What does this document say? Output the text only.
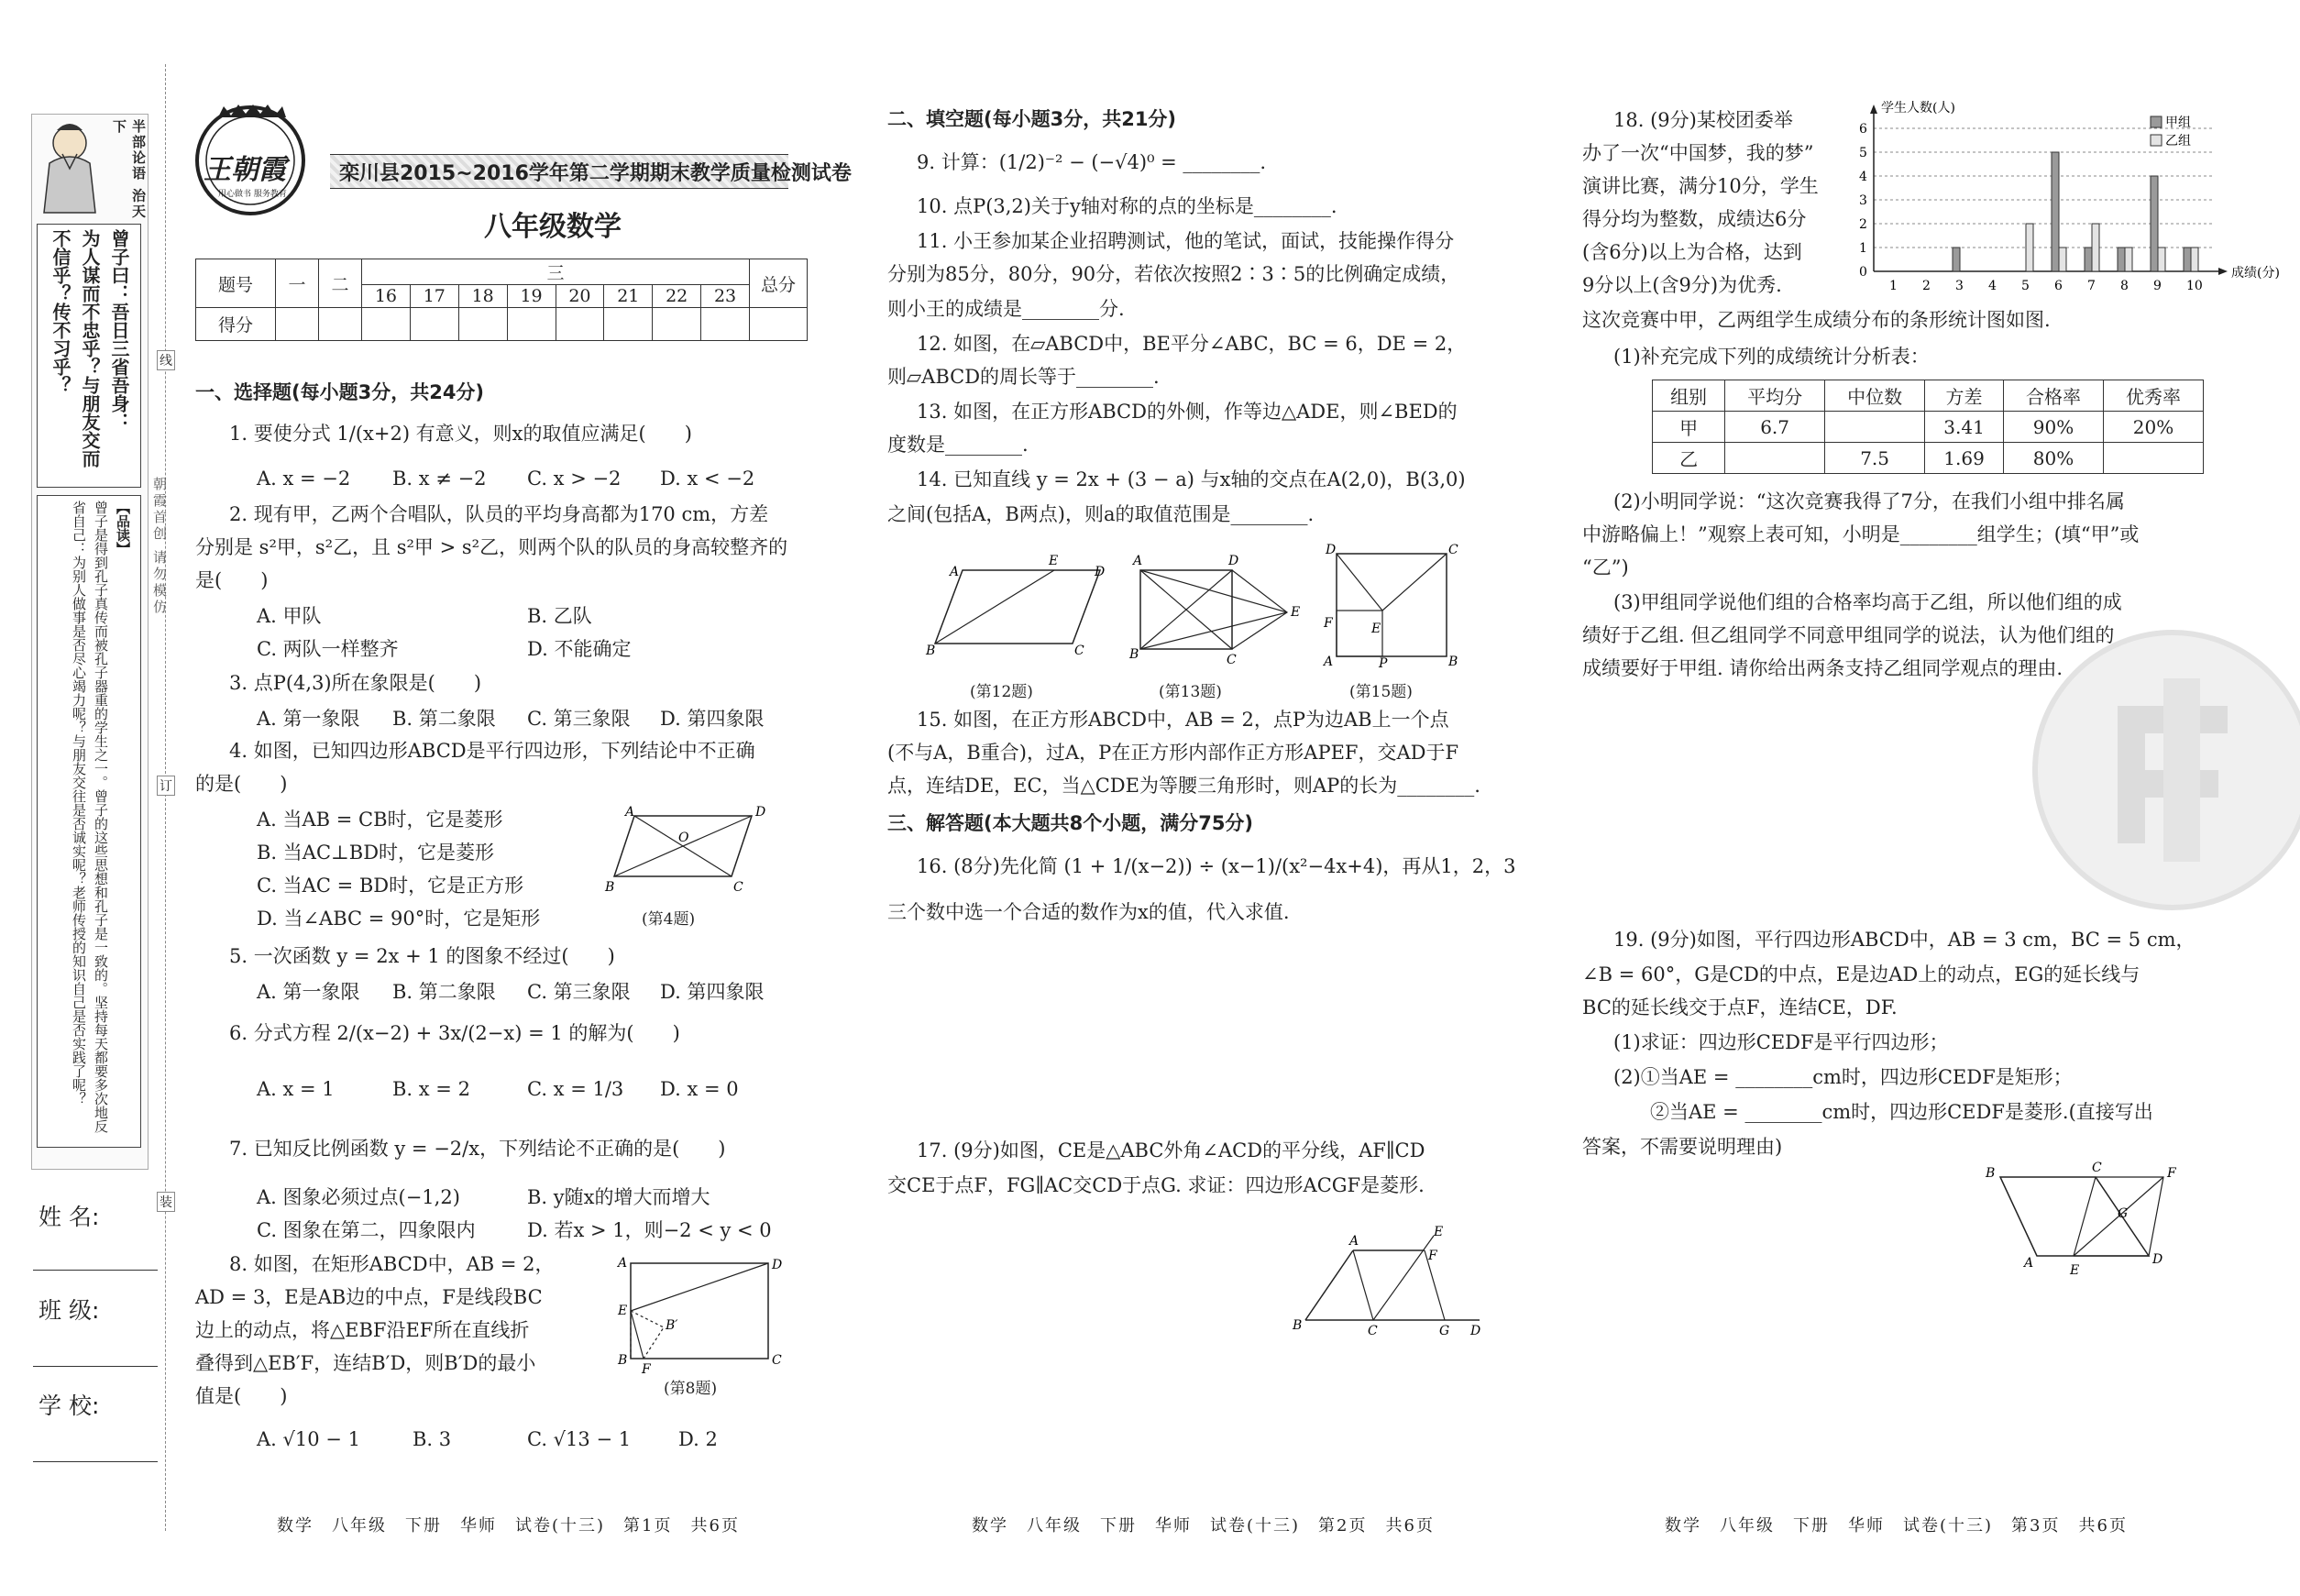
半部论语 治天下
曾子曰：吾日三省吾身：
为人谋而不忠乎？与朋友交而
不信乎？传不习乎？
【品读】
曾子是得到孔子真传而被孔子器重的学生之一。曾子的这些思想和孔子是一致的。坚持每天都要多次地反省自己：为别人做事是否尽心竭力呢？与朋友交往是否诚实呢？老师传授的知识自己是否实践了呢？
线
订
装
朝霞首创 请勿模仿
姓 名:
班 级:
学 校:
王朝霞
用心做书 服务教育
栾川县2015~2016学年第二学期期末教学质量检测试卷
八年级数学
题号	一	二	三								总分
			16	17	18	19	20	21	22	23	
得分											
一、选择题(每小题3分，共24分)
1. 要使分式 1/(x+2) 有意义，则x的取值应满足(　　)
A. x = −2 B. x ≠ −2 C. x > −2 D. x < −2
2. 现有甲，乙两个合唱队，队员的平均身高都为170 cm，方差
分别是 s²甲，s²乙，且 s²甲 > s²乙，则两个队的队员的身高较整齐的
是(　　)
A. 甲队	B. 乙队
C. 两队一样整齐	D. 不能确定
3. 点P(4,3)所在象限是(　　)
A. 第一象限 B. 第二象限 C. 第三象限 D. 第四象限
4. 如图，已知四边形ABCD是平行四边形，下列结论中不正确
的是(　　)
A. 当AB = CB时，它是菱形
B. 当AC⊥BD时，它是菱形
C. 当AC = BD时，它是正方形
D. 当∠ABC = 90°时，它是矩形
A	D
B	C
O
(第4题)
5. 一次函数 y = 2x + 1 的图象不经过(　　)
A. 第一象限 B. 第二象限 C. 第三象限 D. 第四象限
6. 分式方程 2/(x−2) + 3x/(2−x) = 1 的解为(　　)
A. x = 1	B. x = 2	C. x = 1/3 D. x = 0
7. 已知反比例函数 y = −2/x，下列结论不正确的是(　　)
A. 图象必须过点(−1,2)	B. y随x的增大而增大
C. 图象在第二，四象限内	D. 若x > 1，则−2 < y < 0
8. 如图，在矩形ABCD中，AB = 2，
AD = 3，E是AB边的中点，F是线段BC
边上的动点，将△EBF沿EF所在直线折
叠得到△EB′F，连结B′D，则B′D的最小
值是(　　)
A	D
E
B′
B
F
C
(第8题)
A. √10 − 1	B. 3	C. √13 − 1 D. 2
数学　八年级　下册　华师　试卷(十三)　第1页　共6页
二、填空题(每小题3分，共21分)
9. 计算：(1/2)⁻² − (−√4)⁰ = ________.
10. 点P(3,2)关于y轴对称的点的坐标是________.
11. 小王参加某企业招聘测试，他的笔试，面试，技能操作得分
分别为85分，80分，90分，若依次按照2∶3∶5的比例确定成绩，
则小王的成绩是________分.
12. 如图，在▱ABCD中，BE平分∠ABC，BC = 6，DE = 2，
则▱ABCD的周长等于________.
13. 如图，在正方形ABCD的外侧，作等边△ADE，则∠BED的
度数是________.
14. 已知直线 y = 2x + (3 − a) 与x轴的交点在A(2,0)，B(3,0)
之间(包括A，B两点)，则a的取值范围是________.
A
E
D
B	C
A	D
E
B	C
D	C
F	E
A	P	B
(第12题)	(第13题)	(第15题)
15. 如图，在正方形ABCD中，AB = 2，点P为边AB上一个点
(不与A，B重合)，过A，P在正方形内部作正方形APEF，交AD于F
点，连结DE，EC，当△CDE为等腰三角形时，则AP的长为________.
三、解答题(本大题共8个小题，满分75分)
16. (8分)先化简 (1 + 1/(x−2)) ÷ (x−1)/(x²−4x+4)，再从1，2，3
三个数中选一个合适的数作为x的值，代入求值.
17. (9分)如图，CE是△ABC外角∠ACD的平分线，AF∥CD
交CE于点F，FG∥AC交CD于点G. 求证：四边形ACGF是菱形.
A
E
F
B	C	G D
数学　八年级　下册　华师　试卷(十三)　第2页　共6页
18. (9分)某校团委举
办了一次“中国梦，我的梦”
演讲比赛，满分10分，学生
得分均为整数，成绩达6分
(含6分)以上为合格，达到
9分以上(含9分)为优秀.
这次竞赛中甲，乙两组学生成绩分布的条形统计图如图.
0
1
2
3
4
5
6
学生人数(人)
成绩(分)
1 2 3 4 5 6 7 8 9 10
甲组
乙组
(1)补充完成下列的成绩统计分析表：
组别	平均分	中位数	方差	合格率	优秀率
甲	6.7		3.41	90%	20%
乙		7.5	1.69	80%	
(2)小明同学说：“这次竞赛我得了7分，在我们小组中排名属
中游略偏上！”观察上表可知，小明是________组学生；(填“甲”或
“乙”)
(3)甲组同学说他们组的合格率均高于乙组，所以他们组的成
绩好于乙组. 但乙组同学不同意甲组同学的说法，认为他们组的
成绩要好于甲组. 请你给出两条支持乙组同学观点的理由.
19. (9分)如图，平行四边形ABCD中，AB = 3 cm，BC = 5 cm，
∠B = 60°，G是CD的中点，E是边AD上的动点，EG的延长线与
BC的延长线交于点F，连结CE，DF.
(1)求证：四边形CEDF是平行四边形；
(2)①当AE = ________cm时，四边形CEDF是矩形；
②当AE = ________cm时，四边形CEDF是菱形.(直接写出
答案，不需要说明理由)
B	C	F
G
A	E
D
数学　八年级　下册　华师　试卷(十三)　第3页　共6页
